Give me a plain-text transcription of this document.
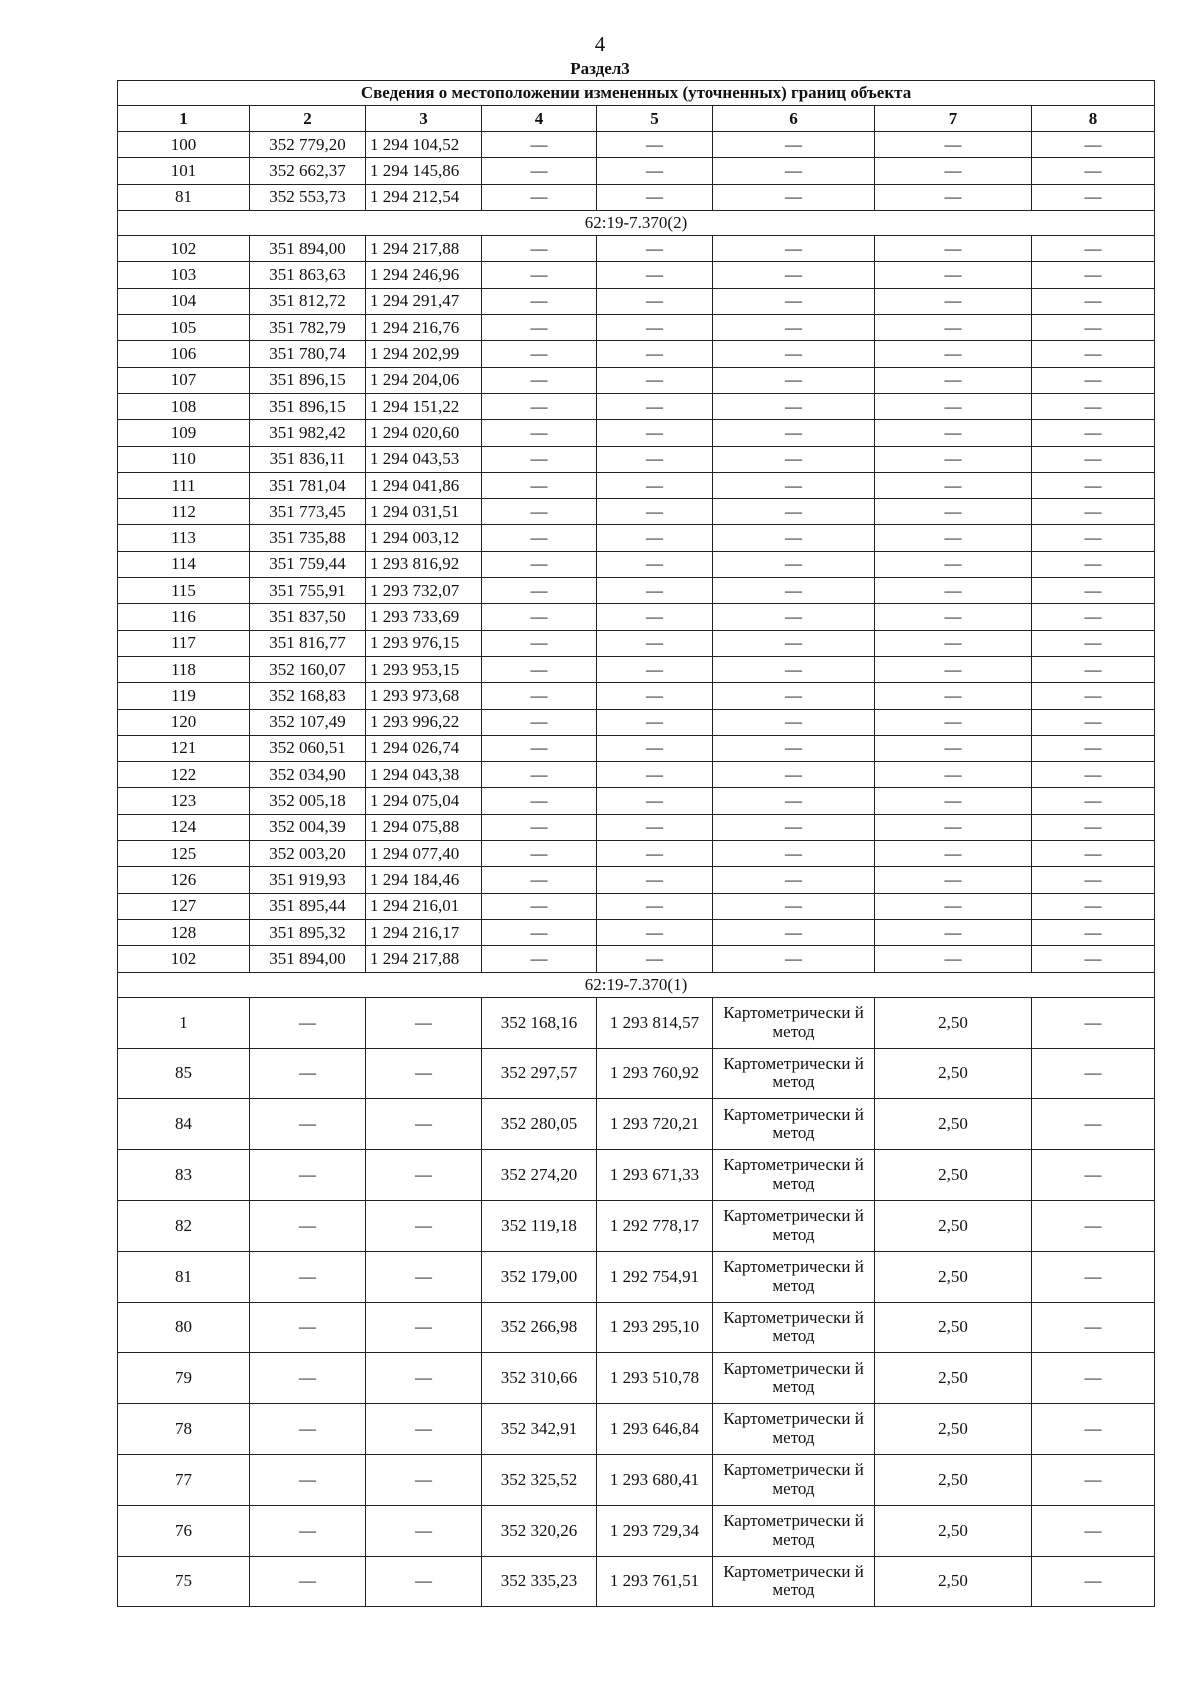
4
Раздел3
Сведения о местоположении измененных (уточненных) границ объекта							
1	2	3	4	5	6	7	8
100	352 779,20	1 294 104,52	—	—	—	—	—
101	352 662,37	1 294 145,86	—	—	—	—	—
81	352 553,73	1 294 212,54	—	—	—	—	—
62:19-7.370(2)							
102	351 894,00	1 294 217,88	—	—	—	—	—
103	351 863,63	1 294 246,96	—	—	—	—	—
104	351 812,72	1 294 291,47	—	—	—	—	—
105	351 782,79	1 294 216,76	—	—	—	—	—
106	351 780,74	1 294 202,99	—	—	—	—	—
107	351 896,15	1 294 204,06	—	—	—	—	—
108	351 896,15	1 294 151,22	—	—	—	—	—
109	351 982,42	1 294 020,60	—	—	—	—	—
110	351 836,11	1 294 043,53	—	—	—	—	—
111	351 781,04	1 294 041,86	—	—	—	—	—
112	351 773,45	1 294 031,51	—	—	—	—	—
113	351 735,88	1 294 003,12	—	—	—	—	—
114	351 759,44	1 293 816,92	—	—	—	—	—
115	351 755,91	1 293 732,07	—	—	—	—	—
116	351 837,50	1 293 733,69	—	—	—	—	—
117	351 816,77	1 293 976,15	—	—	—	—	—
118	352 160,07	1 293 953,15	—	—	—	—	—
119	352 168,83	1 293 973,68	—	—	—	—	—
120	352 107,49	1 293 996,22	—	—	—	—	—
121	352 060,51	1 294 026,74	—	—	—	—	—
122	352 034,90	1 294 043,38	—	—	—	—	—
123	352 005,18	1 294 075,04	—	—	—	—	—
124	352 004,39	1 294 075,88	—	—	—	—	—
125	352 003,20	1 294 077,40	—	—	—	—	—
126	351 919,93	1 294 184,46	—	—	—	—	—
127	351 895,44	1 294 216,01	—	—	—	—	—
128	351 895,32	1 294 216,17	—	—	—	—	—
102	351 894,00	1 294 217,88	—	—	—	—	—
62:19-7.370(1)							
1	—	—	352 168,16	1 293 814,57	Картометрически й метод	2,50	—
85	—	—	352 297,57	1 293 760,92	Картометрически й метод	2,50	—
84	—	—	352 280,05	1 293 720,21	Картометрически й метод	2,50	—
83	—	—	352 274,20	1 293 671,33	Картометрически й метод	2,50	—
82	—	—	352 119,18	1 292 778,17	Картометрически й метод	2,50	—
81	—	—	352 179,00	1 292 754,91	Картометрически й метод	2,50	—
80	—	—	352 266,98	1 293 295,10	Картометрически й метод	2,50	—
79	—	—	352 310,66	1 293 510,78	Картометрически й метод	2,50	—
78	—	—	352 342,91	1 293 646,84	Картометрически й метод	2,50	—
77	—	—	352 325,52	1 293 680,41	Картометрически й метод	2,50	—
76	—	—	352 320,26	1 293 729,34	Картометрически й метод	2,50	—
75	—	—	352 335,23	1 293 761,51	Картометрически й метод	2,50	—
